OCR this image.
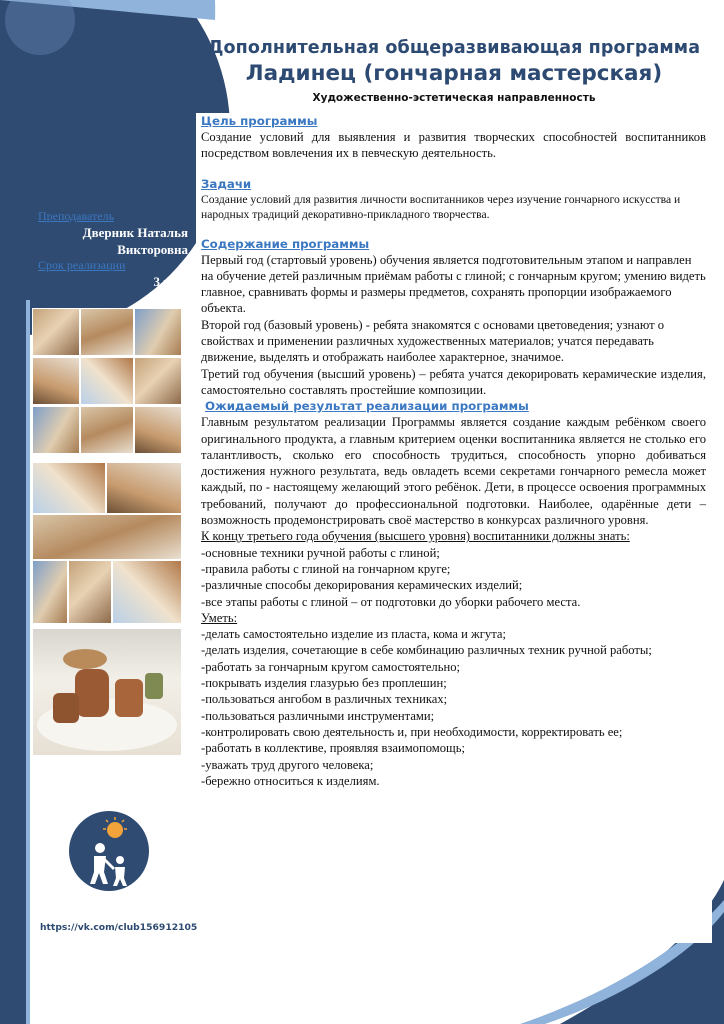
Дополнительная общеразвивающая программа
Ладинец (гончарная мастерская)
Художественно-эстетическая направленность
Преподаватель
Дверник Наталья
Викторовна
Срок реализации
3 года
https://vk.com/club156912105
Цель программы

Создание условий для выявления и развития творческих способностей воспитанников посредством вовлечения их в певческую деятельность.

Задачи

Создание условий для развития личности воспитанников через изучение гончарного искусства и народных традиций декоративно-прикладного творчества.

Содержание программы

Первый год (стартовый уровень) обучения является подготовительным этапом и направлен на обучение детей различным приёмам работы с глиной; с гончарным кругом; умению видеть главное, сравнивать формы и размеры предметов, сохранять пропорции изображаемого объекта.

Второй год (базовый уровень) - ребята знакомятся с основами цветоведения; узнают о свойствах и применении различных художественных материалов; учатся передавать движение, выделять и отображать наиболее характерное, значимое.

Третий год обучения (высший уровень) – ребята учатся декорировать керамические изделия, самостоятельно составлять простейшие композиции.

Ожидаемый результат реализации программы

Главным результатом реализации Программы является создание каждым ребёнком своего оригинального продукта, а главным критерием оценки воспитанника является не столько его талантливость, сколько его способность трудиться, способность упорно добиваться достижения нужного результата, ведь овладеть всеми секретами гончарного ремесла может каждый, по - настоящему желающий этого ребёнок. Дети, в процессе освоения программных требований, получают до профессиональной подготовки. Наиболее, одарённые дети – возможность продемонстрировать своё мастерство в конкурсах различного уровня.

К концу третьего года обучения (высшего уровня) воспитанники должны знать:

-основные техники ручной работы с глиной;

-правила работы с глиной на гончарном круге;

-различные способы декорирования керамических изделий;

-все этапы работы с глиной – от подготовки до уборки рабочего места.

Уметь:

-делать самостоятельно изделие из пласта, кома и жгута;

-делать изделия, сочетающие в себе комбинацию различных техник ручной работы;

-работать за гончарным кругом самостоятельно;

-покрывать изделия глазурью без проплешин;

-пользоваться ангобом в различных техниках;

-пользоваться различными инструментами;

-контролировать свою деятельность и, при необходимости, корректировать ее;

-работать в коллективе, проявляя взаимопомощь;

-уважать труд другого человека;

-бережно относиться к изделиям.
